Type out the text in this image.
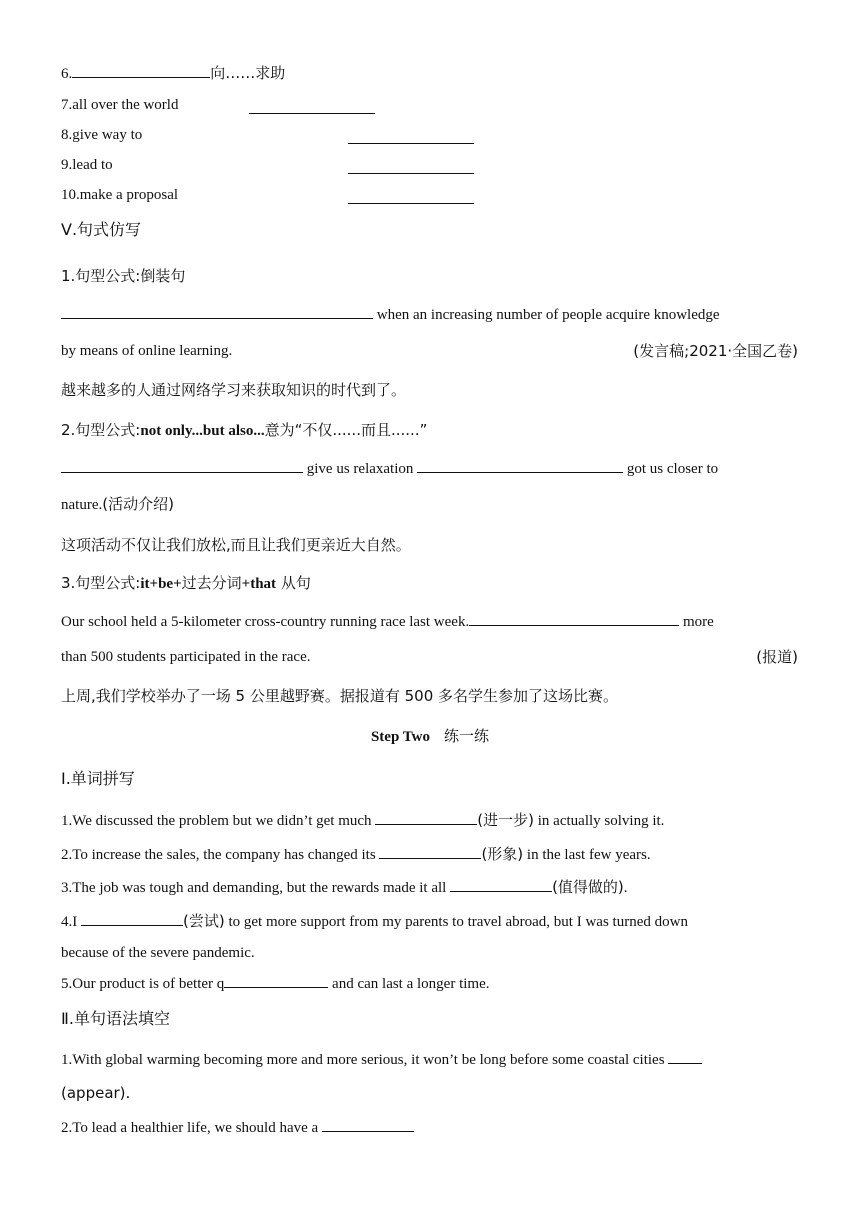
6.	向……求助
7.all over the world
8.give way to
9.lead to
10.make a proposal
Ⅴ.句式仿写
1.句型公式:倒装句
when an increasing number of people acquire knowledge
by means of online learning.	(发言稿;2021·全国乙卷)
越来越多的人通过网络学习来获取知识的时代到了。
2.句型公式:not only...but also...意为“不仅......而且......”
give us relaxation	got us closer to
nature.(活动介绍)
这项活动不仅让我们放松,而且让我们更亲近大自然。
3.句型公式:it+be+过去分词+that 从句
Our school held a 5-kilometer cross-country running race last week.	more
than 500 students participated in the race.	(报道)
上周,我们学校举办了一场 5 公里越野赛。据报道有 500 多名学生参加了这场比赛。
Step Two 练一练
Ⅰ.单词拼写
1.We discussed the problem but we didn’t get much	(进一步) in actually solving it.
2.To increase the sales, the company has changed its	(形象) in the last few years.
3.The job was tough and demanding, but the rewards made it all	(值得做的).
4.I	(尝试) to get more support from my parents to travel abroad, but I was turned down
because of the severe pandemic.
5.Our product is of better q	and can last a longer time.
Ⅱ.单句语法填空
1.With global warming becoming more and more serious, it won’t be long before some coastal cities
(appear).
2.To lead a healthier life, we should have a
